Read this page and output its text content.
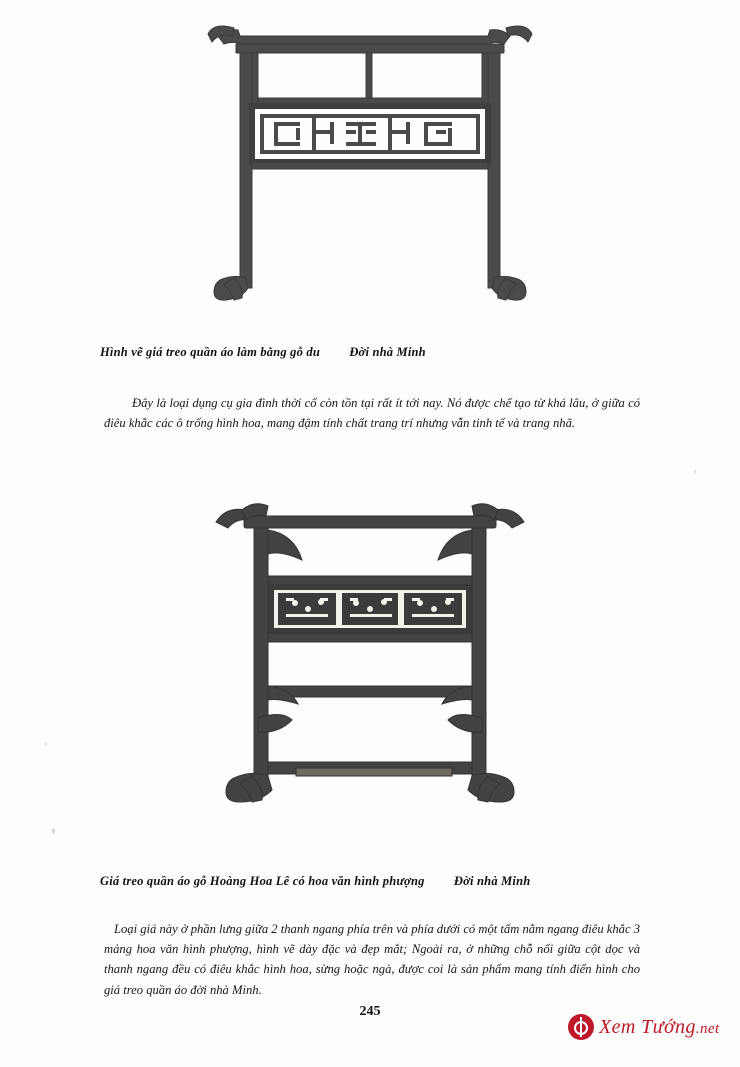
Hình vẽ giá treo quần áo làm bằng gỗ du Đời nhà Minh

Đây là loại dụng cụ gia đình thời cổ còn tồn tại rất ít tới nay. Nó được chế tạo từ khá lâu, ở giữa có điêu khắc các ô trống hình hoa, mang đậm tính chất trang trí nhưng vẫn tinh tế và trang nhã.

Giá treo quần áo gỗ Hoàng Hoa Lê có hoa văn hình phượng Đời nhà Minh

Loại giá này ở phần lưng giữa 2 thanh ngang phía trên và phía dưới có một tấm nằm ngang điêu khắc 3 mảng hoa văn hình phượng, hình vẽ dày đặc và đẹp mắt; Ngoài ra, ở những chỗ nối giữa cột dọc và thanh ngang đều có điêu khắc hình hoa, sừng hoặc ngà, được coi là sản phẩm mang tính điển hình cho giá treo quần áo đời nhà Minh.

245
Xem Tướng.net
